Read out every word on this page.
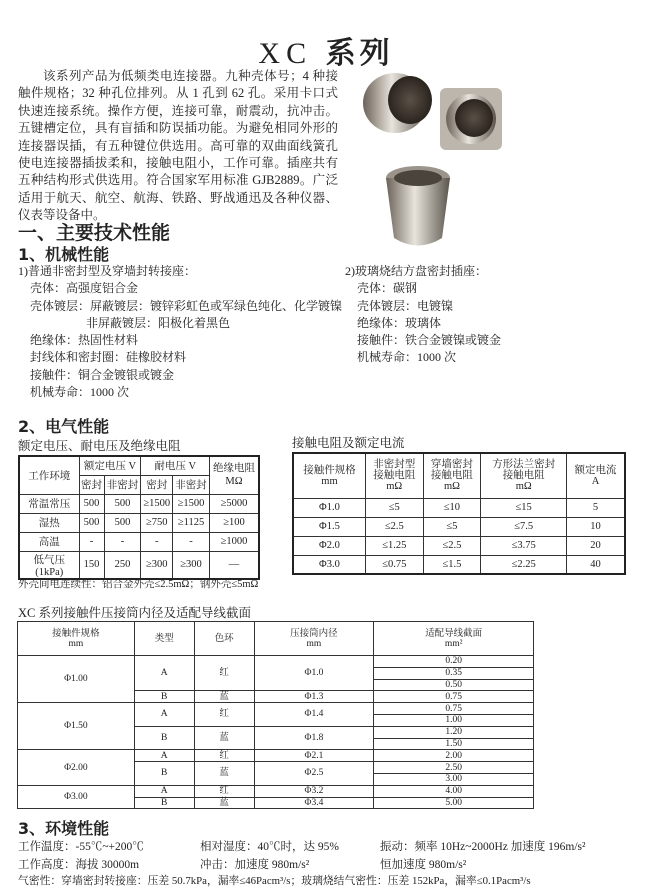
XC 系列

该系列产品为低频类电连接器。九种壳体号；4 种接触件规格；32 种孔位排列。从 1 孔到 62 孔。采用卡口式快速连接系统。操作方便，连接可靠，耐震动，抗冲击。五键槽定位，具有盲插和防误插功能。为避免相同外形的连接器误插，有五种键位供选用。高可靠的双曲面线簧孔使电连接器插拔柔和，接触电阻小，工作可靠。插座共有五种结构形式供选用。符合国家军用标准 GJB2889。广泛适用于航天、航空、航海、铁路、野战通迅及各种仪器、仪表等设备中。

一、主要技术性能
1、机械性能
1)普通非密封型及穿墙封转接座：
壳体：高强度铝合金
壳体镀层：屏蔽镀层：镀锌彩虹色或军绿色纯化、化学镀镍
非屏蔽镀层：阳极化着黑色
绝缘体：热固性材料
封线体和密封圈：硅橡胶材料
接触件：铜合金镀银或镀金
机械寿命：1000 次
2)玻璃烧结方盘密封插座：
壳体：碳钢
壳体镀层：电镀镍
绝缘体：玻璃体
接触件：铁合金镀镍或镀金
机械寿命：1000 次
2、电气性能
额定电压、耐电压及绝缘电阻
工作环境	额定电压 V		耐电压 V		绝缘电阻
MΩ
	密封	非密封	密封	非密封	
常温常压	500	500	≥1500	≥1500	≥5000
湿热	500	500	≥750	≥1125	≥100
高温	-	-	-	-	≥1000
低气压(1kPa)	150	250	≥300	≥300	—
外壳间电连续性：铝合金外壳≤2.5mΩ；钢外壳≤5mΩ
接触电阻及额定电流
接触件规格
mm	非密封型
接触电阻
mΩ	穿墙密封
接触电阻
mΩ	方形法兰密封
接触电阻
mΩ	额定电流
A
Φ1.0	≤5	≤10	≤15	5
Φ1.5	≤2.5	≤5	≤7.5	10
Φ2.0	≤1.25	≤2.5	≤3.75	20
Φ3.0	≤0.75	≤1.5	≤2.25	40
XC 系列接触件压接筒内径及适配导线截面
接触件规格
mm	类型	色环	压接筒内径
mm	适配导线截面
mm²
Φ1.00	A	红	Φ1.0	0.20
				0.35
				0.50
	B	蓝	Φ1.3	0.75
Φ1.50	A	红	Φ1.4	0.75
				1.00
	B	蓝	Φ1.8	1.20
				1.50
Φ2.00	A	红	Φ2.1	2.00
	B	蓝	Φ2.5	2.50
				3.00
Φ3.00	A	红	Φ3.2	4.00
	B	蓝	Φ3.4	5.00
3、环境性能
工作温度：-55℃~+200℃	相对湿度：40℃时，达 95%	振动：频率 10Hz~2000Hz 加速度 196m/s²
工作高度：海拔 30000m	冲击：加速度 980m/s²	恒加速度 980m/s²
气密性：穿墙密封转接座：压差 50.7kPa，漏率≤46Pacm³/s；玻璃烧结气密性：压差 152kPa，漏率≤0.1Pacm³/s
